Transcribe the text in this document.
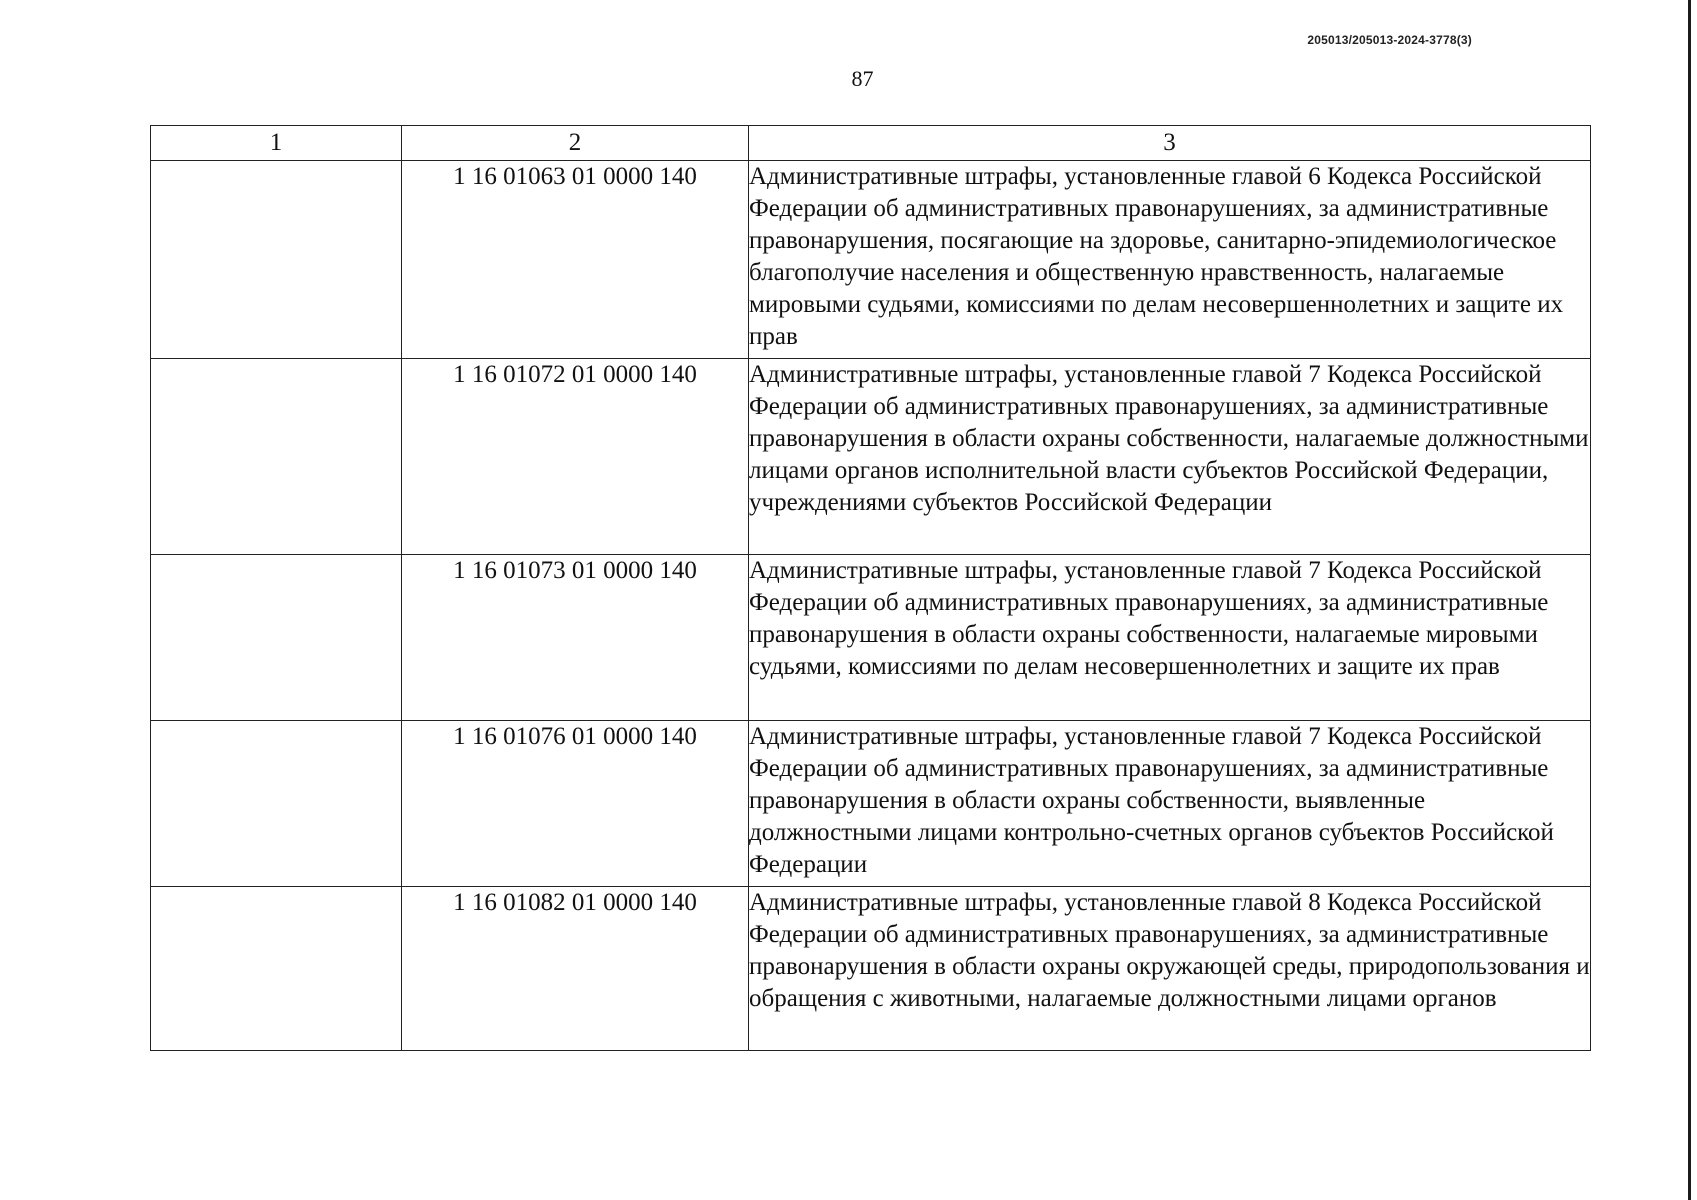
205013/205013-2024-3778(3)
87
1	2	3
	1 16 01063 01 0000 140	Административные штрафы, установленные главой 6 Кодекса Российской Федерации об административных правонарушениях, за административные правонарушения, посягающие на здоровье, санитарно-эпидемиологическое благополучие населения и общественную нравственность, налагаемые мировыми судьями, комиссиями по делам несовершеннолетних и защите их прав
	1 16 01072 01 0000 140	Административные штрафы, установленные главой 7 Кодекса Российской Федерации об административных правонарушениях, за административные правонарушения в области охраны собственности, налагаемые должностными лицами органов исполнительной власти субъектов Российской Федерации, учреждениями субъектов Российской Федерации
	1 16 01073 01 0000 140	Административные штрафы, установленные главой 7 Кодекса Российской Федерации об административных правонарушениях, за административные правонарушения в области охраны собственности, налагаемые мировыми судьями, комиссиями по делам несовершеннолетних и защите их прав
	1 16 01076 01 0000 140	Административные штрафы, установленные главой 7 Кодекса Российской Федерации об административных правонарушениях, за административные правонарушения в области охраны собственности, выявленные должностными лицами контрольно-счетных органов субъектов Российской Федерации
	1 16 01082 01 0000 140	Административные штрафы, установленные главой 8 Кодекса Российской Федерации об административных правонарушениях, за административные правонарушения в области охраны окружающей среды, природопользования и обращения с животными, налагаемые должностными лицами органов
